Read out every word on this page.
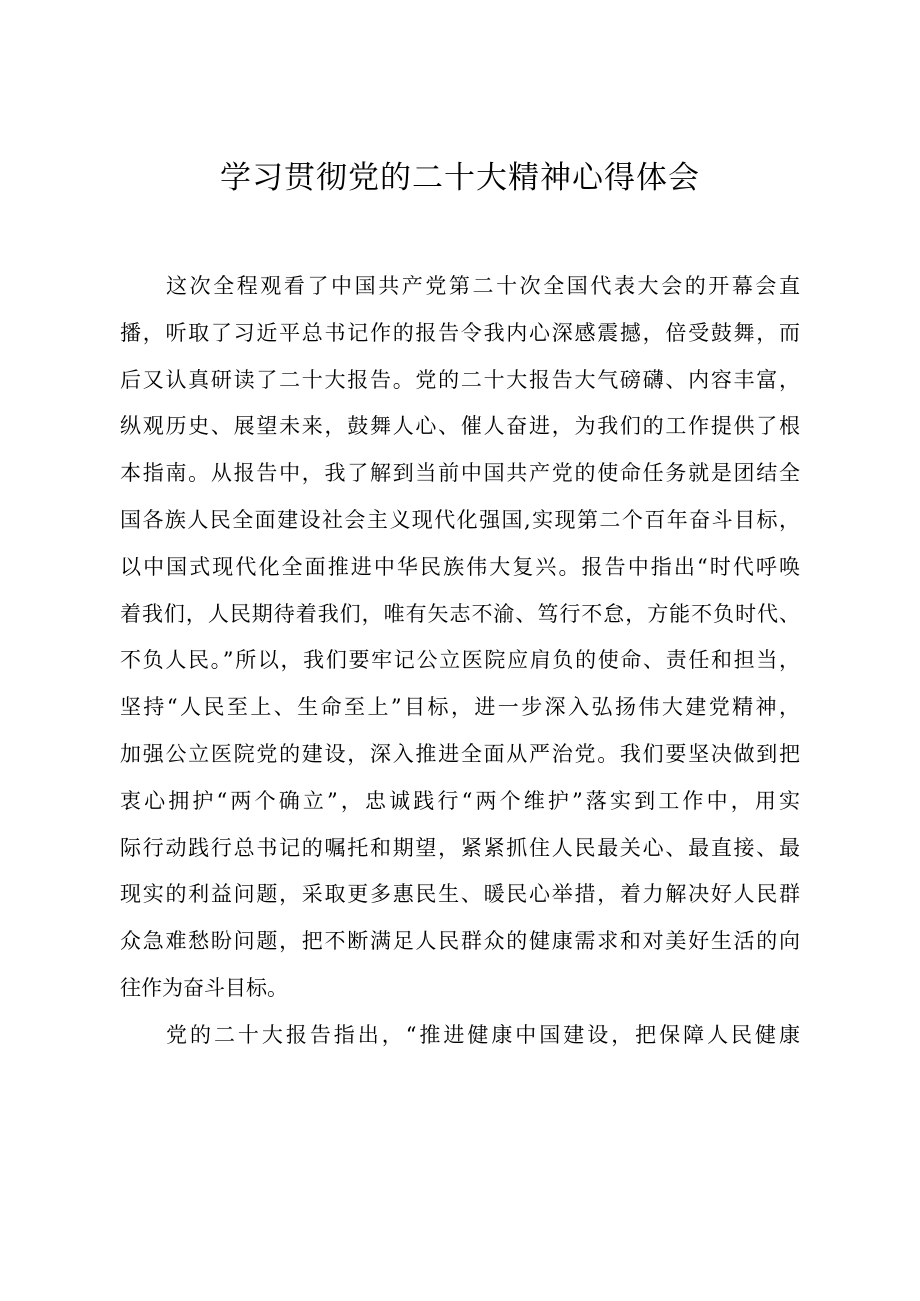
学习贯彻党的二十大精神心得体会
这次全程观看了中国共产党第二十次全国代表大会的开幕会直
播，听取了习近平总书记作的报告令我内心深感震撼，倍受鼓舞，而
后又认真研读了二十大报告。党的二十大报告大气磅礴、内容丰富，
纵观历史、展望未来，鼓舞人心、催人奋进，为我们的工作提供了根
本指南。从报告中，我了解到当前中国共产党的使命任务就是团结全
国各族人民全面建设社会主义现代化强国,实现第二个百年奋斗目标，
以中国式现代化全面推进中华民族伟大复兴。报告中指出“时代呼唤
着我们，人民期待着我们，唯有矢志不渝、笃行不怠，方能不负时代、
不负人民。”所以，我们要牢记公立医院应肩负的使命、责任和担当，
坚持“人民至上、生命至上”目标，进一步深入弘扬伟大建党精神，
加强公立医院党的建设，深入推进全面从严治党。我们要坚决做到把
衷心拥护“两个确立”，忠诚践行“两个维护”落实到工作中，用实
际行动践行总书记的嘱托和期望，紧紧抓住人民最关心、最直接、最
现实的利益问题，采取更多惠民生、暖民心举措，着力解决好人民群
众急难愁盼问题，把不断满足人民群众的健康需求和对美好生活的向
往作为奋斗目标。
党的二十大报告指出，“推进健康中国建设，把保障人民健康
